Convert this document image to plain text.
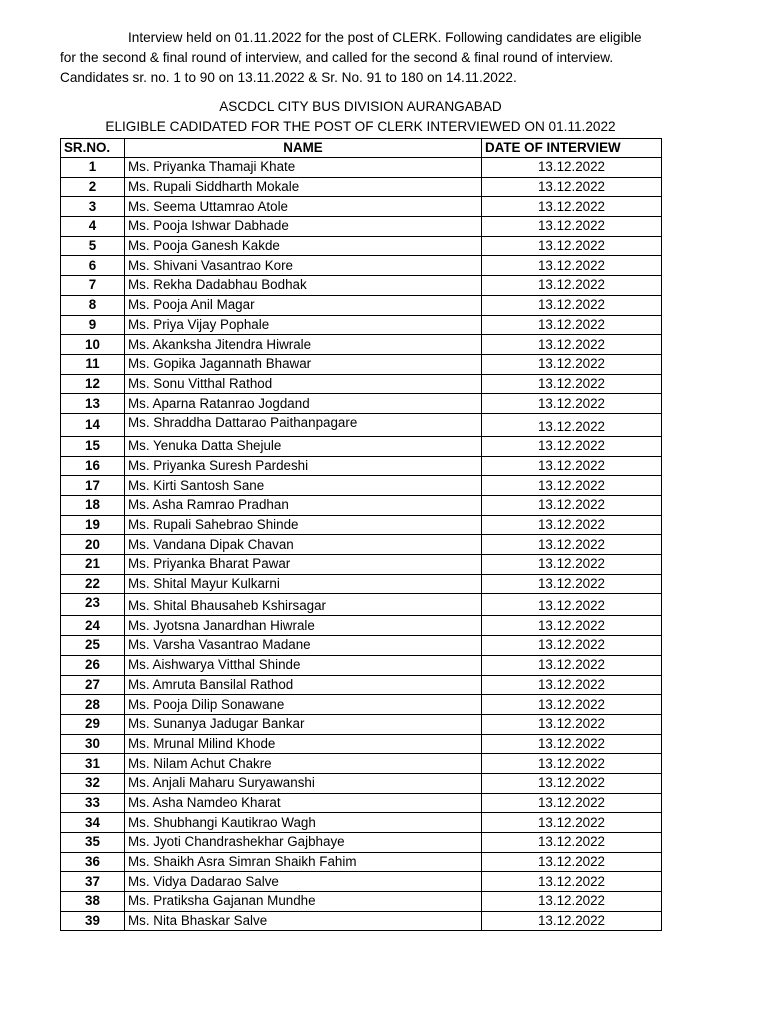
Interview held on 01.11.2022 for the post of CLERK. Following candidates are eligible

for the second & final round of interview, and called for the second & final round of interview.

Candidates sr. no. 1 to 90 on 13.11.2022 & Sr. No. 91 to 180 on 14.11.2022.

ASCDCL CITY BUS DIVISION AURANGABAD
ELIGIBLE CADIDATED FOR THE POST OF CLERK INTERVIEWED ON 01.11.2022
SR.NO.	NAME	DATE OF INTERVIEW
1	Ms. Priyanka Thamaji Khate	13.12.2022
2	Ms. Rupali Siddharth Mokale	13.12.2022
3	Ms. Seema Uttamrao Atole	13.12.2022
4	Ms. Pooja Ishwar Dabhade	13.12.2022
5	Ms. Pooja Ganesh Kakde	13.12.2022
6	Ms. Shivani Vasantrao Kore	13.12.2022
7	Ms. Rekha Dadabhau Bodhak	13.12.2022
8	Ms. Pooja Anil Magar	13.12.2022
9	Ms. Priya Vijay Pophale	13.12.2022
10	Ms. Akanksha Jitendra Hiwrale	13.12.2022
11	Ms. Gopika Jagannath Bhawar	13.12.2022
12	Ms. Sonu Vitthal Rathod	13.12.2022
13	Ms. Aparna Ratanrao Jogdand	13.12.2022
14	Ms. Shraddha Dattarao Paithanpagare	13.12.2022
15	Ms. Yenuka Datta Shejule	13.12.2022
16	Ms. Priyanka Suresh Pardeshi	13.12.2022
17	Ms. Kirti Santosh Sane	13.12.2022
18	Ms. Asha Ramrao Pradhan	13.12.2022
19	Ms. Rupali Sahebrao Shinde	13.12.2022
20	Ms. Vandana Dipak Chavan	13.12.2022
21	Ms. Priyanka Bharat Pawar	13.12.2022
22	Ms. Shital Mayur Kulkarni	13.12.2022
23	Ms. Shital Bhausaheb Kshirsagar	13.12.2022
24	Ms. Jyotsna Janardhan Hiwrale	13.12.2022
25	Ms. Varsha Vasantrao Madane	13.12.2022
26	Ms. Aishwarya Vitthal Shinde	13.12.2022
27	Ms. Amruta Bansilal Rathod	13.12.2022
28	Ms. Pooja Dilip Sonawane	13.12.2022
29	Ms. Sunanya Jadugar Bankar	13.12.2022
30	Ms. Mrunal Milind Khode	13.12.2022
31	Ms. Nilam Achut Chakre	13.12.2022
32	Ms. Anjali Maharu Suryawanshi	13.12.2022
33	Ms. Asha Namdeo Kharat	13.12.2022
34	Ms. Shubhangi Kautikrao Wagh	13.12.2022
35	Ms. Jyoti Chandrashekhar Gajbhaye	13.12.2022
36	Ms. Shaikh Asra Simran Shaikh Fahim	13.12.2022
37	Ms. Vidya Dadarao Salve	13.12.2022
38	Ms. Pratiksha Gajanan Mundhe	13.12.2022
39	Ms. Nita Bhaskar Salve	13.12.2022
